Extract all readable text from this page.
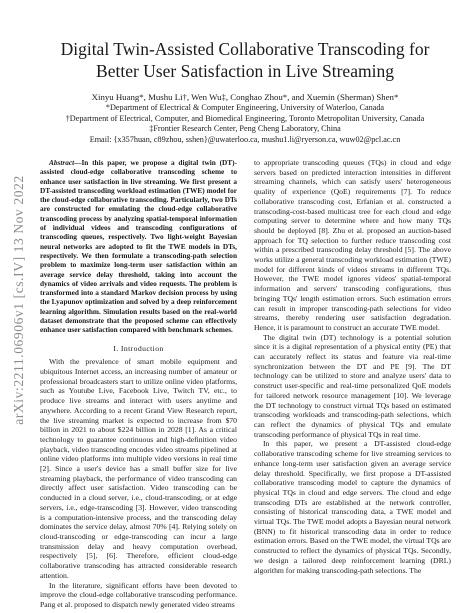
arXiv:2211.06906v1 [cs.IV] 13 Nov 2022
Digital Twin-Assisted Collaborative Transcoding for Better User Satisfaction in Live Streaming
Xinyu Huang*, Mushu Li†, Wen Wu‡, Conghao Zhou*, and Xuemin (Sherman) Shen*
*Department of Electrical & Computer Engineering, University of Waterloo, Canada
†Department of Electrical, Computer, and Biomedical Engineering, Toronto Metropolitan University, Canada
‡Frontier Research Center, Peng Cheng Laboratory, China
Email: {x357huan, c89zhou, sshen}@uwaterloo.ca, mushu1.li@ryerson.ca, wuw02@pcl.ac.cn

Abstract—In this paper, we propose a digital twin (DT)-assisted cloud-edge collaborative transcoding scheme to enhance user satisfaction in live streaming. We first present a DT-assisted transcoding workload estimation (TWE) model for the cloud-edge collaborative transcoding. Particularly, two DTs are constructed for emulating the cloud-edge collaborative transcoding process by analyzing spatial-temporal information of individual videos and transcoding configurations of transcoding queues, respectively. Two light-weight Bayesian neural networks are adopted to fit the TWE models in DTs, respectively. We then formulate a transcoding-path selection problem to maximize long-term user satisfaction within an average service delay threshold, taking into account the dynamics of video arrivals and video requests. The problem is transformed into a standard Markov decision process by using the Lyapunov optimization and solved by a deep reinforcement learning algorithm. Simulation results based on the real-world dataset demonstrate that the proposed scheme can effectively enhance user satisfaction compared with benchmark schemes.

I. Introduction

With the prevalence of smart mobile equipment and ubiquitous Internet access, an increasing number of amateur or professional broadcasters start to utilize online video platforms, such as Youtube Live, Facebook Live, Twitch TV, etc., to produce live streams and interact with users anytime and anywhere. According to a recent Grand View Research report, the live streaming market is expected to increase from $70 billion in 2021 to about $224 billion in 2028 [1]. As a critical technology to guarantee continuous and high-definition video playback, video transcoding encodes video streams pipelined at online video platforms into multiple video versions in real time [2]. Since a user's device has a small buffer size for live streaming playback, the performance of video transcoding can directly affect user satisfaction. Video transcoding can be conducted in a cloud server, i.e., cloud-transcoding, or at edge servers, i.e., edge-transcoding [3]. However, video transcoding is a computation-intensive process, and the transcoding delay dominates the service delay, almost 70% [4]. Relying solely on cloud-transcoding or edge-transcoding can incur a large transmission delay and heavy computation overhead, respectively [5], [6]. Therefore, efficient cloud-edge collaborative transcoding has attracted considerable research attention.

In the literature, significant efforts have been devoted to improve the cloud-edge collaborative transcoding performance. Pang et al. proposed to dispatch newly generated video streams

to appropriate transcoding queues (TQs) in cloud and edge servers based on predicted interaction intensities in different streaming channels, which can satisfy users' heterogeneous quality of experience (QoE) requirements [7]. To reduce collaborative transcoding cost, Erfanian et al. constructed a transcoding-cost-based multicast tree for each cloud and edge computing server to determine where and how many TQs should be deployed [8]. Zhu et al. proposed an auction-based approach for TQ selection to further reduce transcoding cost within a prescribed transcoding delay threshold [5]. The above works utilize a general transcoding workload estimation (TWE) model for different kinds of videos streams in different TQs. However, the TWE model ignores videos' spatial-temporal information and servers' transcoding configurations, thus bringing TQs' length estimation errors. Such estimation errors can result in improper transcoding-path selections for video streams, thereby rendering user satisfaction degradation. Hence, it is paramount to construct an accurate TWE model.

The digital twin (DT) technology is a potential solution since it is a digital representation of a physical entity (PE) that can accurately reflect its status and feature via real-time synchronization between the DT and PE [9]. The DT technology can be utilized to store and analyze users' data to construct user-specific and real-time personalized QoE models for tailored network resource management [10]. We leverage the DT technology to construct virtual TQs based on estimated transcoding workloads and transcoding-path selections, which can reflect the dynamics of physical TQs and emulate transcoding performance of physical TQs in real time.

In this paper, we present a DT-assisted cloud-edge collaborative transcoding scheme for live streaming services to enhance long-term user satisfaction given an average service delay threshold. Specifically, we first propose a DT-assisted collaborative transcoding model to capture the dynamics of physical TQs in cloud and edge servers. The cloud and edge transcoding DTs are established at the network controller, consisting of historical transcoding data, a TWE model and virtual TQs. The TWE model adopts a Bayesian neural network (BNN) to fit historical transcoding data in order to reduce estimation errors. Based on the TWE model, the virtual TQs are constructed to reflect the dynamics of physical TQs. Secondly, we design a tailored deep reinforcement learning (DRL) algorithm for making transcoding-path selections. The
